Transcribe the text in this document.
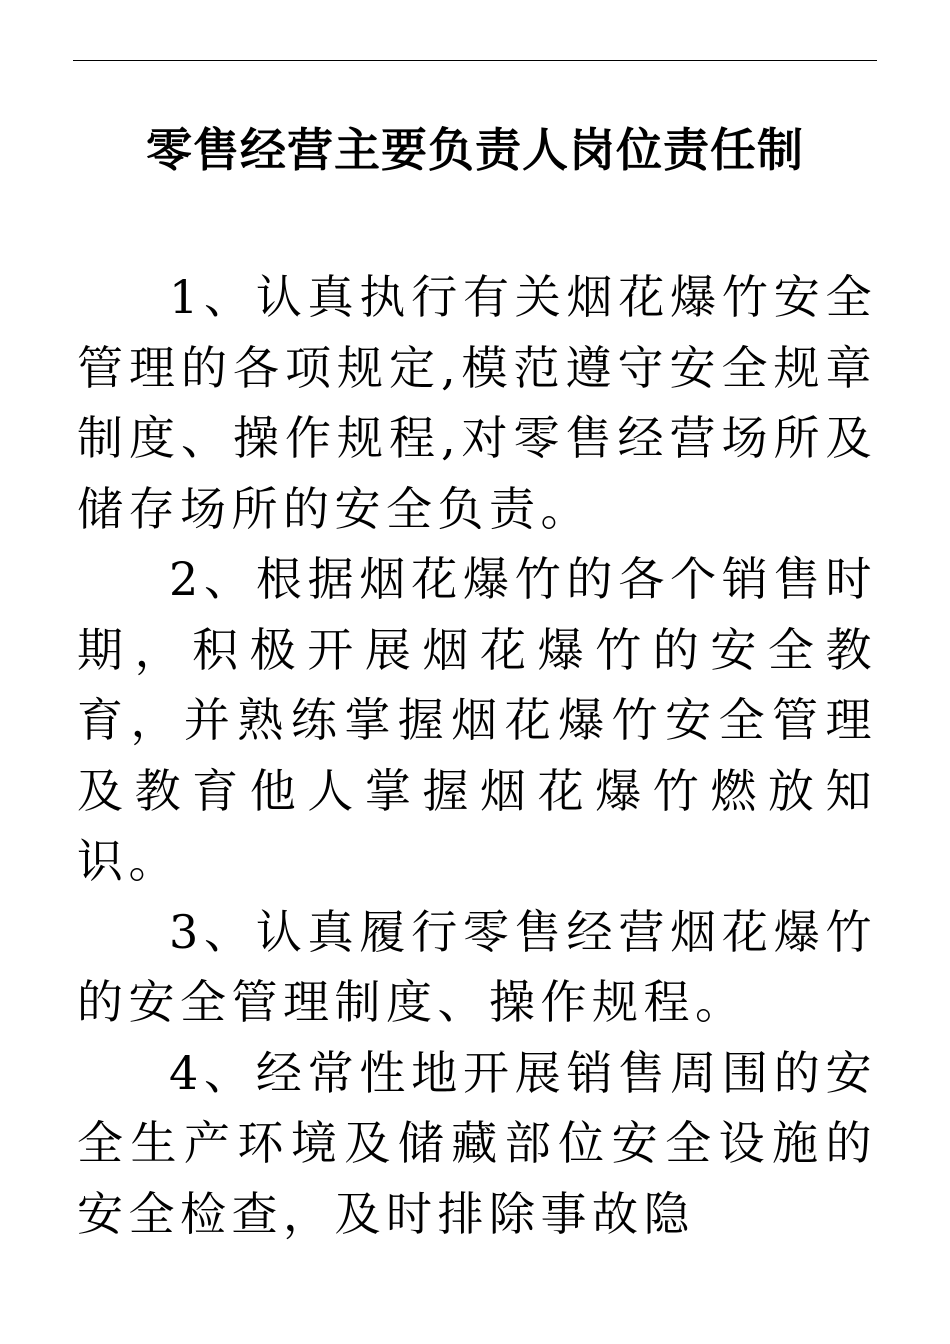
零售经营主要负责人岗位责任制

1、认真执行有关烟花爆竹安全管理的各项规定,模范遵守安全规章制度、操作规程,对零售经营场所及储存场所的安全负责。

2、根据烟花爆竹的各个销售时期，积极开展烟花爆竹的安全教育，并熟练掌握烟花爆竹安全管理及教育他人掌握烟花爆竹燃放知识。

3、认真履行零售经营烟花爆竹的安全管理制度、操作规程。

4、经常性地开展销售周围的安全生产环境及储藏部位安全设施的安全检查，及时排除事故隐
